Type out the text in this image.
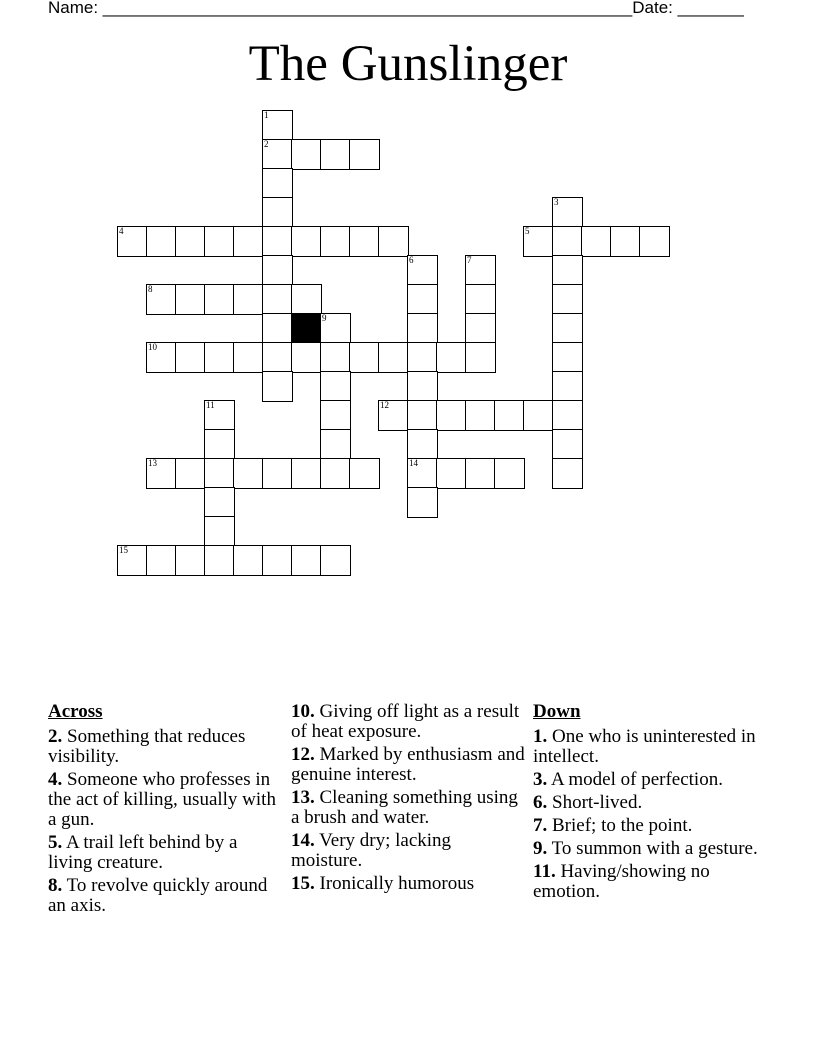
Name: ________________________________________________________ Date: _______
The Gunslinger
1
2
3
4	5
6	7
8
9
10
11	12
13	14
15
Across
2. Something that reduces visibility.
4. Someone who professes in the act of killing, usually with a gun.
5. A trail left behind by a living creature.
8. To revolve quickly around an axis.
10. Giving off light as a result of heat exposure.
12. Marked by enthusiasm and genuine interest.
13. Cleaning something using a brush and water.
14. Very dry; lacking moisture.
15. Ironically humorous
Down
1. One who is uninterested in intellect.
3. A model of perfection.
6. Short-lived.
7. Brief; to the point.
9. To summon with a gesture.
11. Having/showing no emotion.
